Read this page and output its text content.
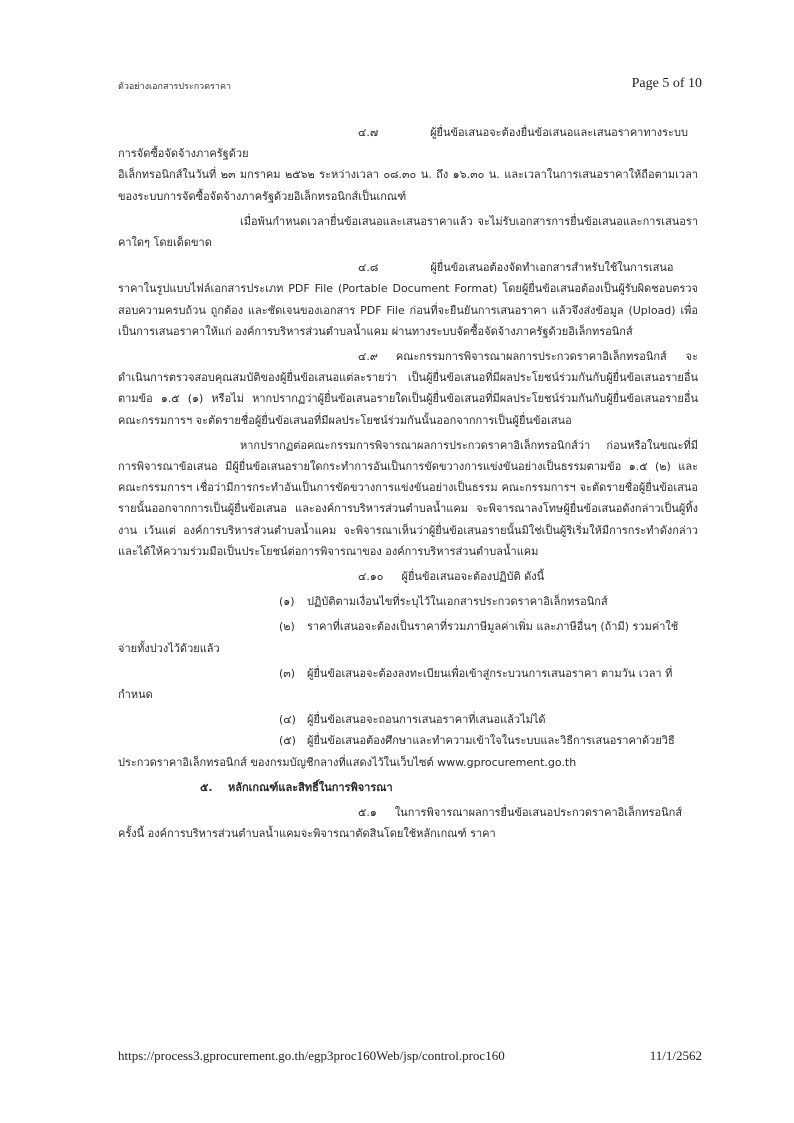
ตัวอย่างเอกสารประกวดราคา	Page 5 of 10

๔.๗	ผู้ยื่นข้อเสนอจะต้องยื่นข้อเสนอและเสนอราคาทางระบบการจัดซื้อจัดจ้างภาครัฐด้วย

อิเล็กทรอนิกส์ในวันที่ ๒๓ มกราคม ๒๕๖๒ ระหว่างเวลา ๐๘.๓๐ น. ถึง ๑๖.๓๐ น. และเวลาในการเสนอราคาให้ถือตามเวลาของระบบการจัดซื้อจัดจ้างภาครัฐด้วยอิเล็กทรอนิกส์เป็นเกณฑ์

เมื่อพ้นกำหนดเวลายื่นข้อเสนอและเสนอราคาแล้ว จะไม่รับเอกสารการยื่นข้อเสนอและการเสนอราคาใดๆ โดยเด็ดขาด

๔.๘	ผู้ยื่นข้อเสนอต้องจัดทำเอกสารสำหรับใช้ในการเสนอราคาในรูปแบบไฟล์เอกสารประเภท PDF File (Portable Document Format) โดยผู้ยื่นข้อเสนอต้องเป็นผู้รับผิดชอบตรวจสอบความครบถ้วน ถูกต้อง และชัดเจนของเอกสาร PDF File ก่อนที่จะยืนยันการเสนอราคา แล้วจึงส่งข้อมูล (Upload) เพื่อเป็นการเสนอราคาให้แก่ องค์การบริหารส่วนตำบลน้ำแคม ผ่านทางระบบจัดซื้อจัดจ้างภาครัฐด้วยอิเล็กทรอนิกส์

๔.๙ คณะกรรมการพิจารณาผลการประกวดราคาอิเล็กทรอนิกส์ จะดำเนินการตรวจสอบคุณสมบัติของผู้ยื่นข้อเสนอแต่ละรายว่า เป็นผู้ยื่นข้อเสนอที่มีผลประโยชน์ร่วมกันกับผู้ยื่นข้อเสนอรายอื่น ตามข้อ ๑.๕ (๑) หรือไม่ หากปรากฏว่าผู้ยื่นข้อเสนอรายใดเป็นผู้ยื่นข้อเสนอที่มีผลประโยชน์ร่วมกันกับผู้ยื่นข้อเสนอรายอื่น คณะกรรมการฯ จะตัดรายชื่อผู้ยื่นข้อเสนอที่มีผลประโยชน์ร่วมกันนั้นออกจากการเป็นผู้ยื่นข้อเสนอ

หากปรากฏต่อคณะกรรมการพิจารณาผลการประกวดราคาอิเล็กทรอนิกส์ว่า ก่อนหรือในขณะที่มีการพิจารณาข้อเสนอ มีผู้ยื่นข้อเสนอรายใดกระทำการอันเป็นการขัดขวางการแข่งขันอย่างเป็นธรรมตามข้อ ๑.๕ (๒) และคณะกรรมการฯ เชื่อว่ามีการกระทำอันเป็นการขัดขวางการแข่งขันอย่างเป็นธรรม คณะกรรมการฯ จะตัดรายชื่อผู้ยื่นข้อเสนอรายนั้นออกจากการเป็นผู้ยื่นข้อเสนอ และองค์การบริหารส่วนตำบลน้ำแคม จะพิจารณาลงโทษผู้ยื่นข้อเสนอดังกล่าวเป็นผู้ทิ้งงาน เว้นแต่ องค์การบริหารส่วนตำบลน้ำแคม จะพิจารณาเห็นว่าผู้ยื่นข้อเสนอรายนั้นมิใช่เป็นผู้ริเริ่มให้มีการกระทำดังกล่าวและได้ให้ความร่วมมือเป็นประโยชน์ต่อการพิจารณาของ องค์การบริหารส่วนตำบลน้ำแคม

๔.๑๐ ผู้ยื่นข้อเสนอจะต้องปฏิบัติ ดังนี้

(๑) ปฏิบัติตามเงื่อนไขที่ระบุไว้ในเอกสารประกวดราคาอิเล็กทรอนิกส์

(๒) ราคาที่เสนอจะต้องเป็นราคาที่รวมภาษีมูลค่าเพิ่ม และภาษีอื่นๆ (ถ้ามี) รวมค่าใช้

จ่ายทั้งปวงไว้ด้วยแล้ว

(๓) ผู้ยื่นข้อเสนอจะต้องลงทะเบียนเพื่อเข้าสู่กระบวนการเสนอราคา ตามวัน เวลา ที่

กำหนด

(๔) ผู้ยื่นข้อเสนอจะถอนการเสนอราคาที่เสนอแล้วไม่ได้

(๕) ผู้ยื่นข้อเสนอต้องศึกษาและทำความเข้าใจในระบบและวิธีการเสนอราคาด้วยวิธี

ประกวดราคาอิเล็กทรอนิกส์ ของกรมบัญชีกลางที่แสดงไว้ในเว็บไซต์ www.gprocurement.go.th

๕. หลักเกณฑ์และสิทธิ์ในการพิจารณา

๕.๑ ในการพิจารณาผลการยื่นข้อเสนอประกวดราคาอิเล็กทรอนิกส์ครั้งนี้ องค์การบริหารส่วนตำบลน้ำแคมจะพิจารณาตัดสินโดยใช้หลักเกณฑ์ ราคา

https://process3.gprocurement.go.th/egp3proc160Web/jsp/control.proc160	11/1/2562
